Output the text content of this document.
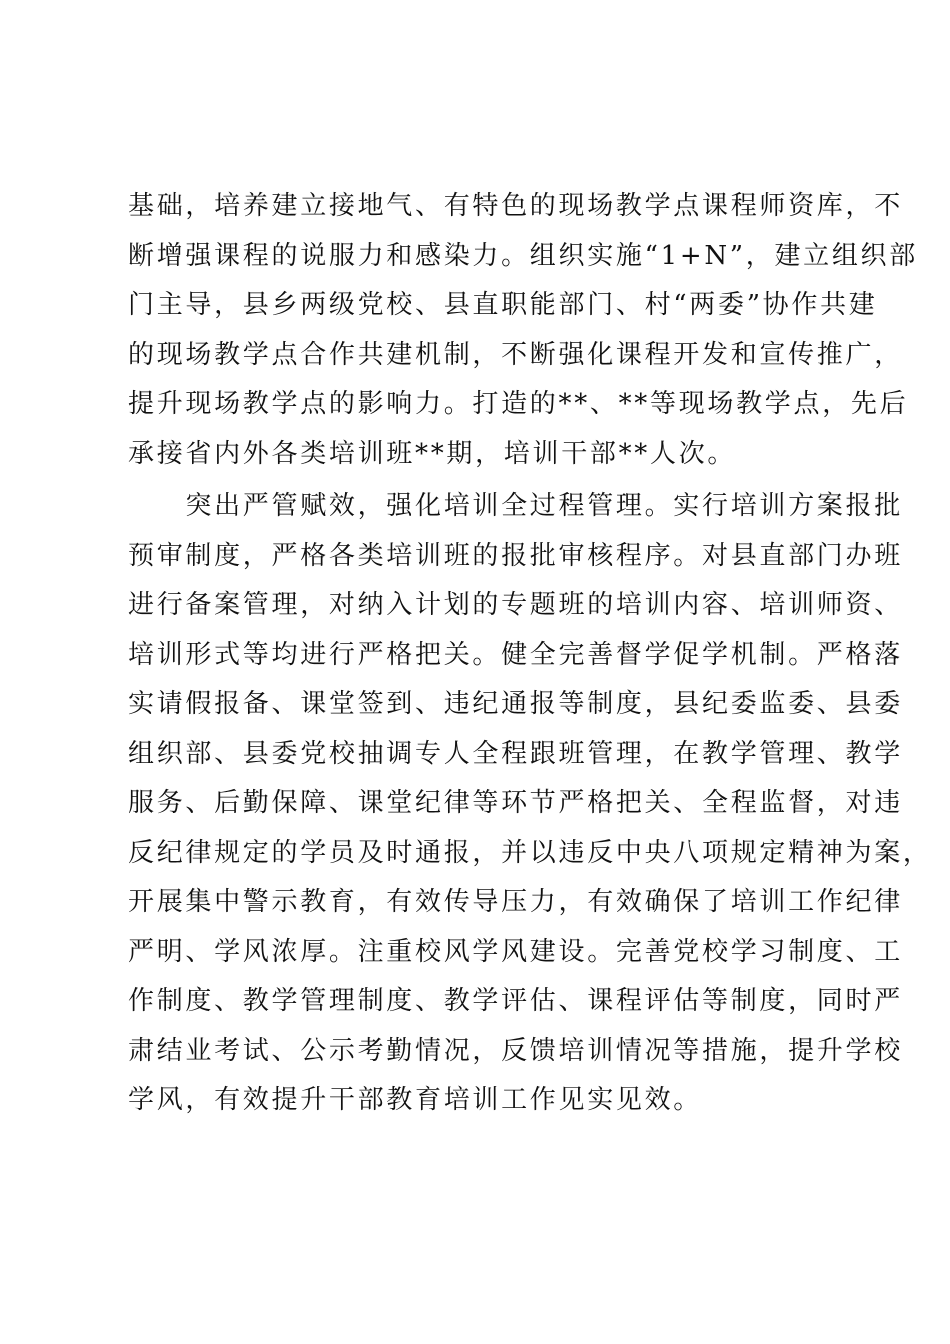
基础，培养建立接地气、有特色的现场教学点课程师资库，不
断增强课程的说服力和感染力。组织实施“1+N”，建立组织部
门主导，县乡两级党校、县直职能部门、村“两委”协作共建
的现场教学点合作共建机制，不断强化课程开发和宣传推广，
提升现场教学点的影响力。打造的**、**等现场教学点，先后
承接省内外各类培训班**期，培训干部**人次。
　　突出严管赋效，强化培训全过程管理。实行培训方案报批
预审制度，严格各类培训班的报批审核程序。对县直部门办班
进行备案管理，对纳入计划的专题班的培训内容、培训师资、
培训形式等均进行严格把关。健全完善督学促学机制。严格落
实请假报备、课堂签到、违纪通报等制度，县纪委监委、县委
组织部、县委党校抽调专人全程跟班管理，在教学管理、教学
服务、后勤保障、课堂纪律等环节严格把关、全程监督，对违
反纪律规定的学员及时通报，并以违反中央八项规定精神为案，
开展集中警示教育，有效传导压力，有效确保了培训工作纪律
严明、学风浓厚。注重校风学风建设。完善党校学习制度、工
作制度、教学管理制度、教学评估、课程评估等制度，同时严
肃结业考试、公示考勤情况，反馈培训情况等措施，提升学校
学风，有效提升干部教育培训工作见实见效。
